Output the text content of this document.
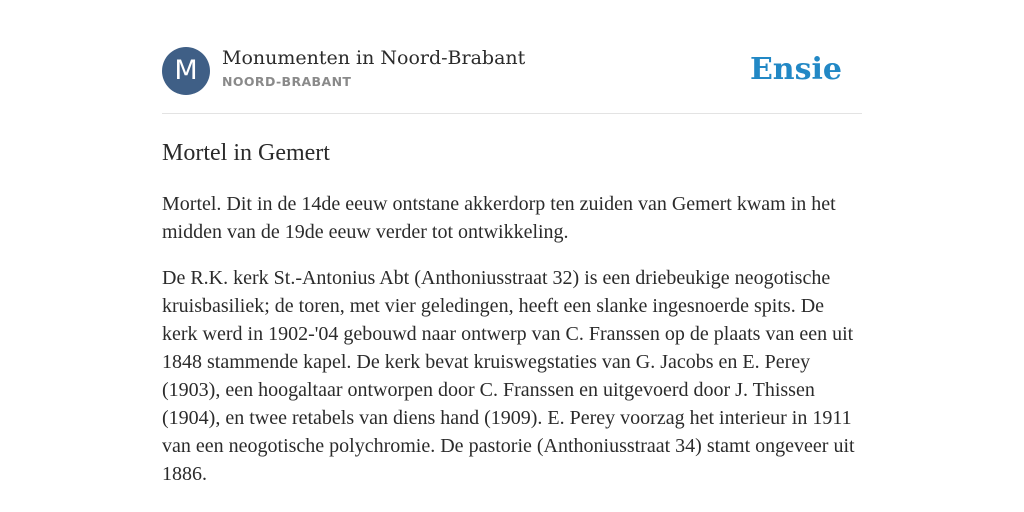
M	Monumenten in Noord-Brabant
NOORD-BRABANT	Ensie
Mortel in Gemert

Mortel. Dit in de 14de eeuw ontstane akkerdorp ten zuiden van Gemert kwam in het midden van de 19de eeuw verder tot ontwikkeling.

De R.K. kerk St.-Antonius Abt (Anthoniusstraat 32) is een driebeukige neogotische kruisbasiliek; de toren, met vier geledingen, heeft een slanke ingesnoerde spits. De kerk werd in 1902-'04 gebouwd naar ontwerp van C. Franssen op de plaats van een uit 1848 stammende kapel. De kerk bevat kruiswegstaties van G. Jacobs en E. Perey (1903), een hoogaltaar ontworpen door C. Franssen en uitgevoerd door J. Thissen (1904), en twee retabels van diens hand (1909). E. Perey voorzag het interieur in 1911 van een neogotische polychromie. De pastorie (Anthoniusstraat 34) stamt ongeveer uit 1886.
